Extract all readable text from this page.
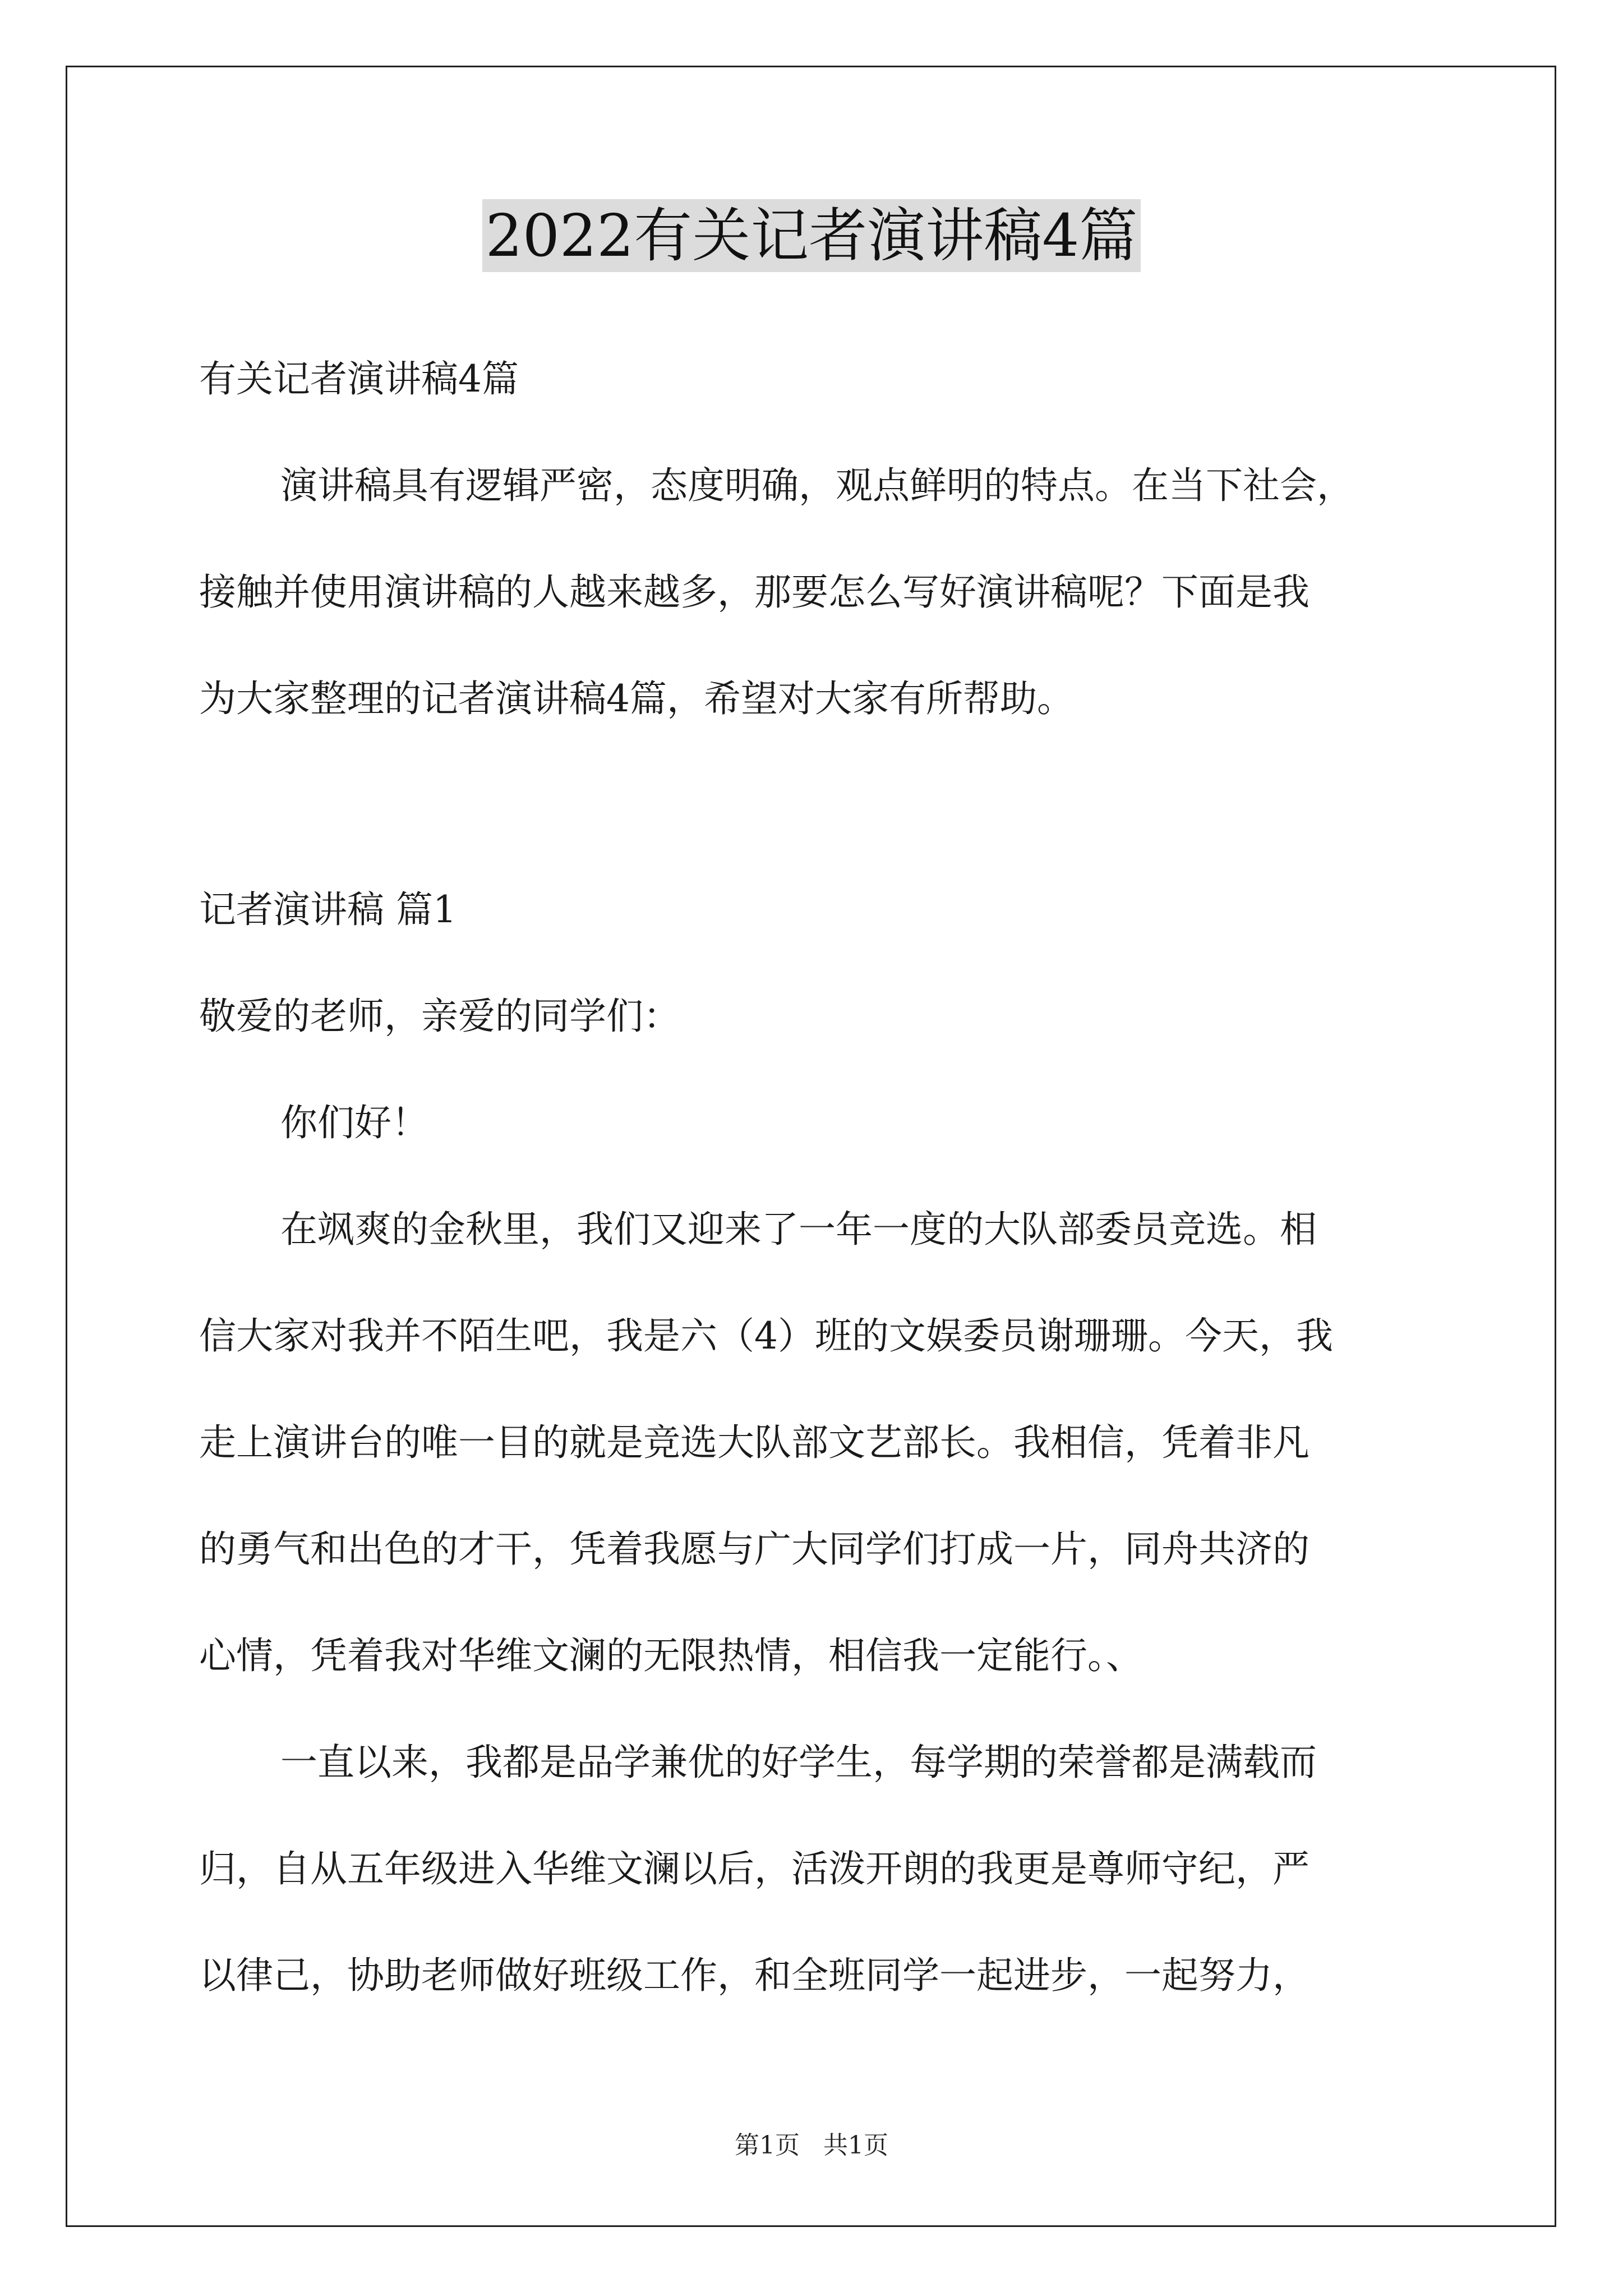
2022有关记者演讲稿4篇
有关记者演讲稿4篇
演讲稿具有逻辑严密，态度明确，观点鲜明的特点。在当下社会，
接触并使用演讲稿的人越来越多，那要怎么写好演讲稿呢？下面是我
为大家整理的记者演讲稿4篇，希望对大家有所帮助。
记者演讲稿 篇1
敬爱的老师，亲爱的同学们：
你们好！
在飒爽的金秋里，我们又迎来了一年一度的大队部委员竞选。相
信大家对我并不陌生吧，我是六（4）班的文娱委员谢珊珊。今天，我
走上演讲台的唯一目的就是竞选大队部文艺部长。我相信，凭着非凡
的勇气和出色的才干，凭着我愿与广大同学们打成一片，同舟共济的
心情，凭着我对华维文澜的无限热情，相信我一定能行。、
一直以来，我都是品学兼优的好学生，每学期的荣誉都是满载而
归，自从五年级进入华维文澜以后，活泼开朗的我更是尊师守纪，严
以律己，协助老师做好班级工作，和全班同学一起进步，一起努力，
第1页   共1页
